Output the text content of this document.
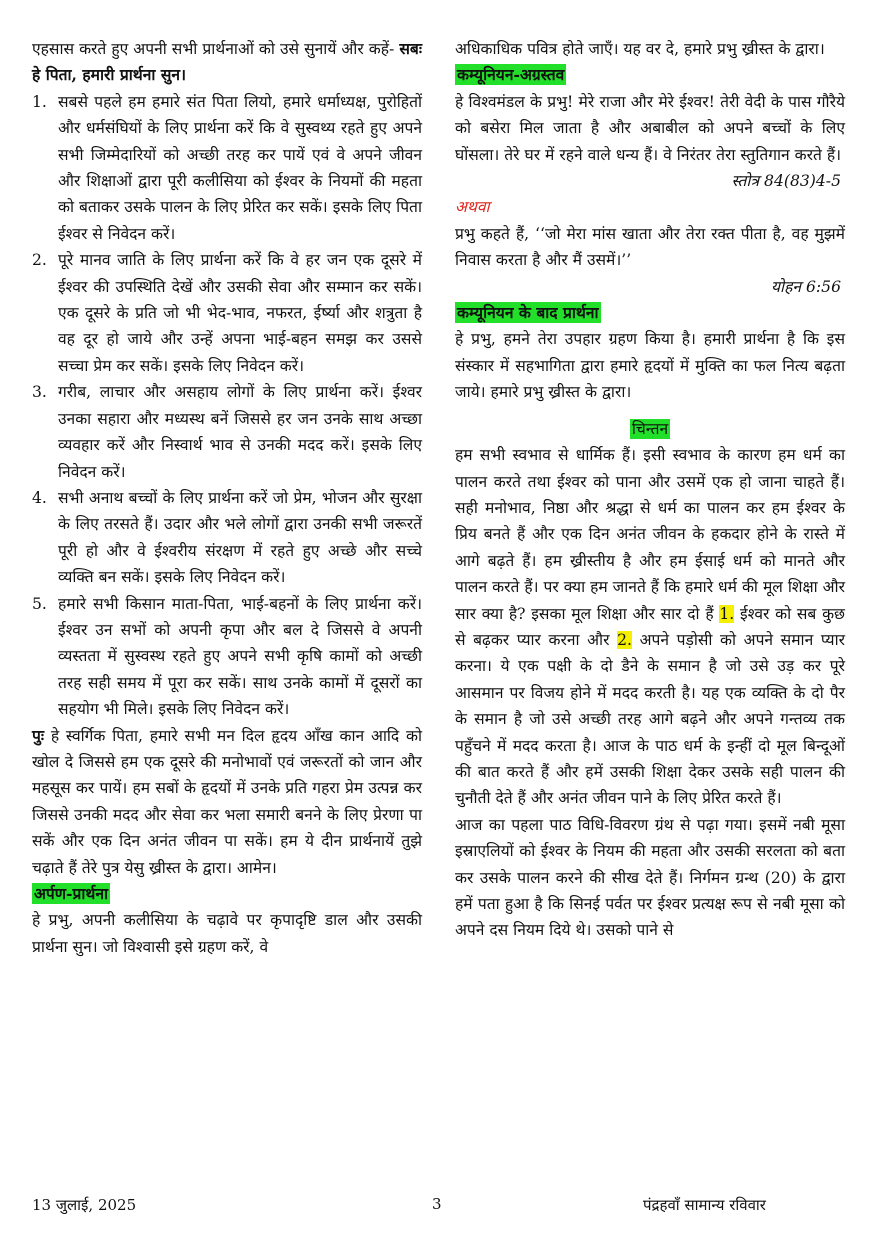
एहसास करते हुए अपनी सभी प्रार्थनाओं को उसे सुनायें और कहें- सबः हे पिता, हमारी प्रार्थना सुन।

1. सबसे पहले हम हमारे संत पिता लियो, हमारे धर्माध्यक्ष, पुरोहितों और धर्मसंघियों के लिए प्रार्थना करें कि वे सुस्वथ्य रहते हुए अपने सभी जिम्मेदारियों को अच्छी तरह कर पायें एवं वे अपने जीवन और शिक्षाओं द्वारा पूरी कलीसिया को ईश्वर के नियमों की महता को बताकर उसके पालन के लिए प्रेरित कर सकें। इसके लिए पिता ईश्वर से निवेदन करें।
2. पूरे मानव जाति के लिए प्रार्थना करें कि वे हर जन एक दूसरे में ईश्वर की उपस्थिति देखें और उसकी सेवा और सम्मान कर सकें। एक दूसरे के प्रति जो भी भेद-भाव, नफरत, ईर्ष्या और शत्रुता है वह दूर हो जाये और उन्हें अपना भाई-बहन समझ कर उससे सच्चा प्रेम कर सकें। इसके लिए निवेदन करें।
3. गरीब, लाचार और असहाय लोगों के लिए प्रार्थना करें। ईश्वर उनका सहारा और मध्यस्थ बनें जिससे हर जन उनके साथ अच्छा व्यवहार करें और निस्वार्थ भाव से उनकी मदद करें। इसके लिए निवेदन करें।
4. सभी अनाथ बच्चों के लिए प्रार्थना करें जो प्रेम, भोजन और सुरक्षा के लिए तरसते हैं। उदार और भले लोगों द्वारा उनकी सभी जरूरतें पूरी हो और वे ईश्वरीय संरक्षण में रहते हुए अच्छे और सच्चे व्यक्ति बन सकें। इसके लिए निवेदन करें।
5. हमारे सभी किसान माता-पिता, भाई-बहनों के लिए प्रार्थना करें। ईश्वर उन सभों को अपनी कृपा और बल दे जिससे वे अपनी व्यस्तता में सुस्वस्थ रहते हुए अपने सभी कृषि कामों को अच्छी तरह सही समय में पूरा कर सकें। साथ उनके कामों में दूसरों का सहयोग भी मिले। इसके लिए निवेदन करें।

पुः हे स्वर्गिक पिता, हमारे सभी मन दिल हृदय आँख कान आदि को खोल दे जिससे हम एक दूसरे की मनोभावों एवं जरूरतों को जान और महसूस कर पायें। हम सबों के हृदयों में उनके प्रति गहरा प्रेम उत्पन्न कर जिससे उनकी मदद और सेवा कर भला समारी बनने के लिए प्रेरणा पा सकें और एक दिन अनंत जीवन पा सकें। हम ये दीन प्रार्थनायें तुझे चढ़ाते हैं तेरे पुत्र येसु ख्रीस्त के द्वारा। आमेन।

अर्पण-प्रार्थना

हे प्रभु, अपनी कलीसिया के चढ़ावे पर कृपादृष्टि डाल और उसकी प्रार्थना सुन। जो विश्वासी इसे ग्रहण करें, वे

अधिकाधिक पवित्र होते जाएँ। यह वर दे, हमारे प्रभु ख्रीस्त के द्वारा।

कम्यूनियन-अग्रस्तव

हे विश्वमंडल के प्रभु! मेरे राजा और मेरे ईश्वर! तेरी वेदी के पास गौरैये को बसेरा मिल जाता है और अबाबील को अपने बच्चों के लिए घोंसला। तेरे घर में रहने वाले धन्य हैं। वे निरंतर तेरा स्तुतिगान करते हैं।

स्तोत्र 84(83)4-5

अथवा

प्रभु कहते हैं, ‘‘जो मेरा मांस खाता और तेरा रक्त पीता है, वह मुझमें निवास करता है और मैं उसमें।’’

योहन 6:56

कम्यूनियन के बाद प्रार्थना

हे प्रभु, हमने तेरा उपहार ग्रहण किया है। हमारी प्रार्थना है कि इस संस्कार में सहभागिता द्वारा हमारे हृदयों में मुक्ति का फल नित्य बढ़ता जाये। हमारे प्रभु ख्रीस्त के द्वारा।

चिन्तन

हम सभी स्वभाव से धार्मिक हैं। इसी स्वभाव के कारण हम धर्म का पालन करते तथा ईश्वर को पाना और उसमें एक हो जाना चाहते हैं। सही मनोभाव, निष्ठा और श्रद्धा से धर्म का पालन कर हम ईश्वर के प्रिय बनते हैं और एक दिन अनंत जीवन के हकदार होने के रास्ते में आगे बढ़ते हैं। हम ख्रीस्तीय है और हम ईसाई धर्म को मानते और पालन करते हैं। पर क्या हम जानते हैं कि हमारे धर्म की मूल शिक्षा और सार क्या है? इसका मूल शिक्षा और सार दो हैं 1. ईश्वर को सब कुछ से बढ़कर प्यार करना और 2. अपने पड़ोसी को अपने समान प्यार करना। ये एक पक्षी के दो डैने के समान है जो उसे उड़ कर पूरे आसमान पर विजय होने में मदद करती है। यह एक व्यक्ति के दो पैर के समान है जो उसे अच्छी तरह आगे बढ़ने और अपने गन्तव्य तक पहुँचने में मदद करता है। आज के पाठ धर्म के इन्हीं दो मूल बिन्दूओं की बात करते हैं और हमें उसकी शिक्षा देकर उसके सही पालन की चुनौती देते हैं और अनंत जीवन पाने के लिए प्रेरित करते हैं।

आज का पहला पाठ विधि-विवरण ग्रंथ से पढ़ा गया। इसमें नबी मूसा इस्राएलियों को ईश्वर के नियम की महता और उसकी सरलता को बता कर उसके पालन करने की सीख देते हैं। निर्गमन ग्रन्थ (20) के द्वारा हमें पता हुआ है कि सिनई पर्वत पर ईश्वर प्रत्यक्ष रूप से नबी मूसा को अपने दस नियम दिये थे। उसको पाने से

13 जुलाई, 2025	3	पंद्रहवाँ सामान्य रविवार
